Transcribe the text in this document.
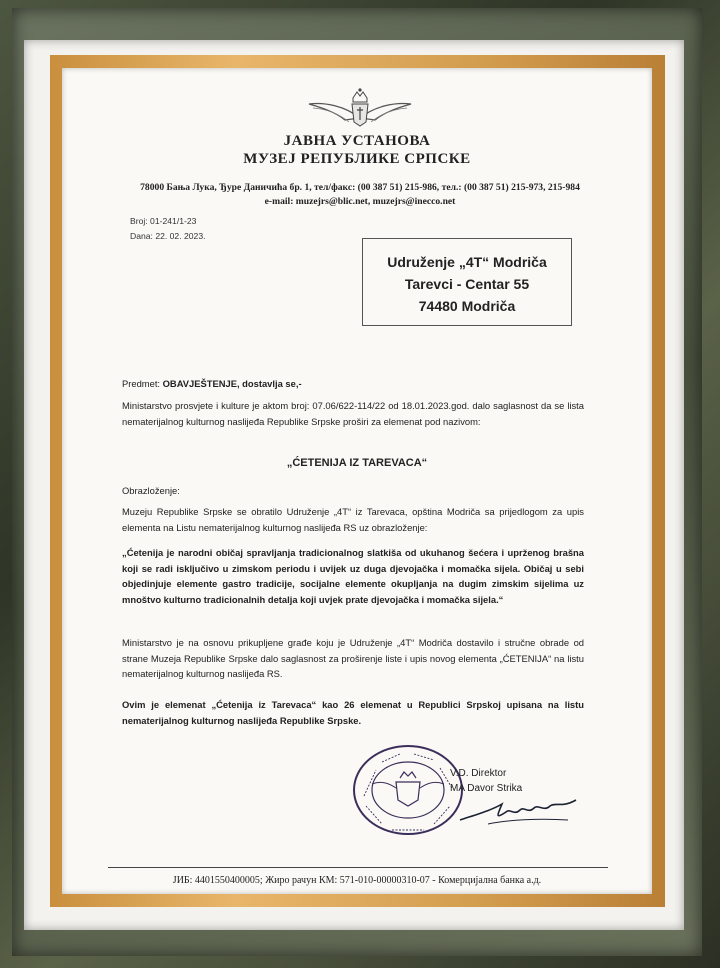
ЈАВНА УСТАНОВА
МУЗЕЈ РЕПУБЛИКЕ СРПСКЕ
78000 Бања Лука, Ђуре Даничића бр. 1, тел/факс: (00 387 51) 215-986, тел.: (00 387 51) 215-973, 215-984
e-mail: muzejrs@blic.net, muzejrs@inecco.net
Broj: 01-241/1-23
Dana: 22. 02. 2023.
Udruženje „4T“ Modriča
Tarevci - Centar 55
74480 Modriča
Predmet: OBAVJEŠTENJE, dostavlja se,-
Ministarstvo prosvjete i kulture je aktom broj: 07.06/622-114/22 od 18.01.2023.god. dalo saglasnost da se lista nematerijalnog kulturnog naslijeđa Republike Srpske proširi za elemenat pod nazivom:
„ĆETENIJA IZ TAREVACA“
Obrazloženje:
Muzeju Republike Srpske se obratilo Udruženje „4T“ iz Tarevaca, opština Modriča sa prijedlogom za upis elementa na Listu nematerijalnog kulturnog naslijeđa RS uz obrazloženje:
„Ćetenija je narodni običaj spravljanja tradicionalnog slatkiša od ukuhanog šećera i uprženog brašna koji se radi isključivo u zimskom periodu i uvijek uz duga djevojačka i momačka sijela. Običaj u sebi objedinjuje elemente gastro tradicije, socijalne elemente okupljanja na dugim zimskim sijelima uz mnoštvo kulturno tradicionalnih detalja koji uvjek prate djevojačka i momačka sijela.“
Ministarstvo je na osnovu prikupljene građe koju je Udruženje „4T“ Modriča dostavilo i stručne obrade od strane Muzeja Republike Srpske dalo saglasnost za proširenje liste i upis novog elementa „ĆETENIJA“ na listu nematerijalnog kulturnog naslijeđa RS.
Ovim je elemenat „Ćetenija iz Tarevaca“ kao 26 elemenat u Republici Srpskoj upisana na listu nematerijalnog kulturnog naslijeđa Republike Srpske.
V.D. Direktor
MA Davor Strika
ЈИБ: 4401550400005; Жиро рачун КМ: 571-010-00000310-07 - Комерцијална банка а.д.
